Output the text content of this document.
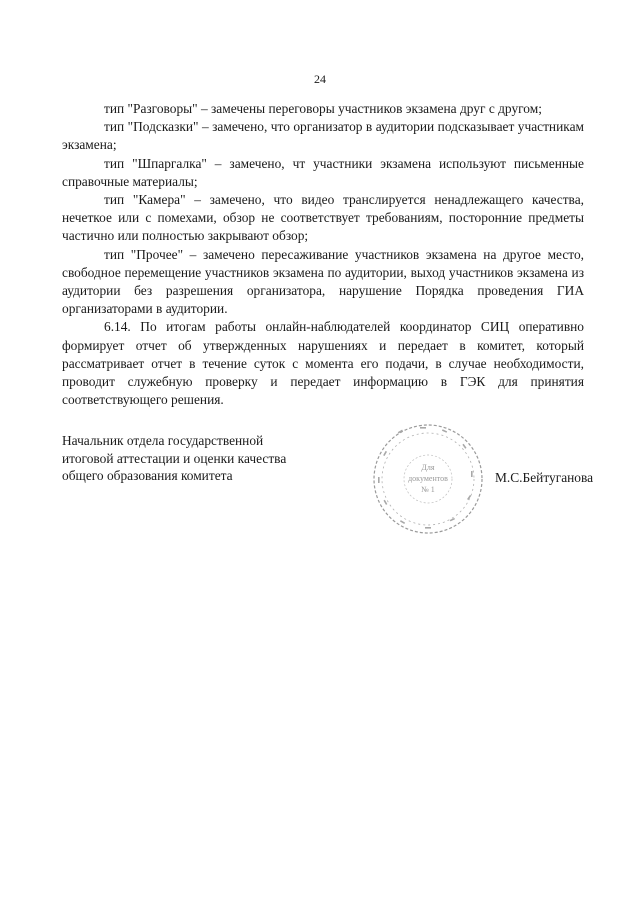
24

тип "Разговоры" – замечены переговоры участников экзамена друг с другом;

тип "Подсказки" – замечено, что организатор в аудитории подсказывает участникам экзамена;

тип "Шпаргалка" – замечено, чт участники экзамена используют письменные справочные материалы;

тип "Камера" – замечено, что видео транслируется ненадлежащего качества, нечеткое или с помехами, обзор не соответствует требованиям, посторонние предметы частично или полностью закрывают обзор;

тип "Прочее" – замечено пересаживание участников экзамена на другое место, свободное перемещение участников экзамена по аудитории, выход участников экзамена из аудитории без разрешения организатора, нарушение Порядка проведения ГИА организаторами в аудитории.

6.14. По итогам работы онлайн-наблюдателей координатор СИЦ оперативно формирует отчет об утвержденных нарушениях и передает в комитет, который рассматривает отчет в течение суток с момента его подачи, в случае необходимости, проводит служебную проверку и передает информацию в ГЭК для принятия соответствующего решения.

Начальник отдела государственной
итоговой аттестации и оценки качества
общего образования комитета
Для
документов
№ 1
М.С.Бейтуганова
